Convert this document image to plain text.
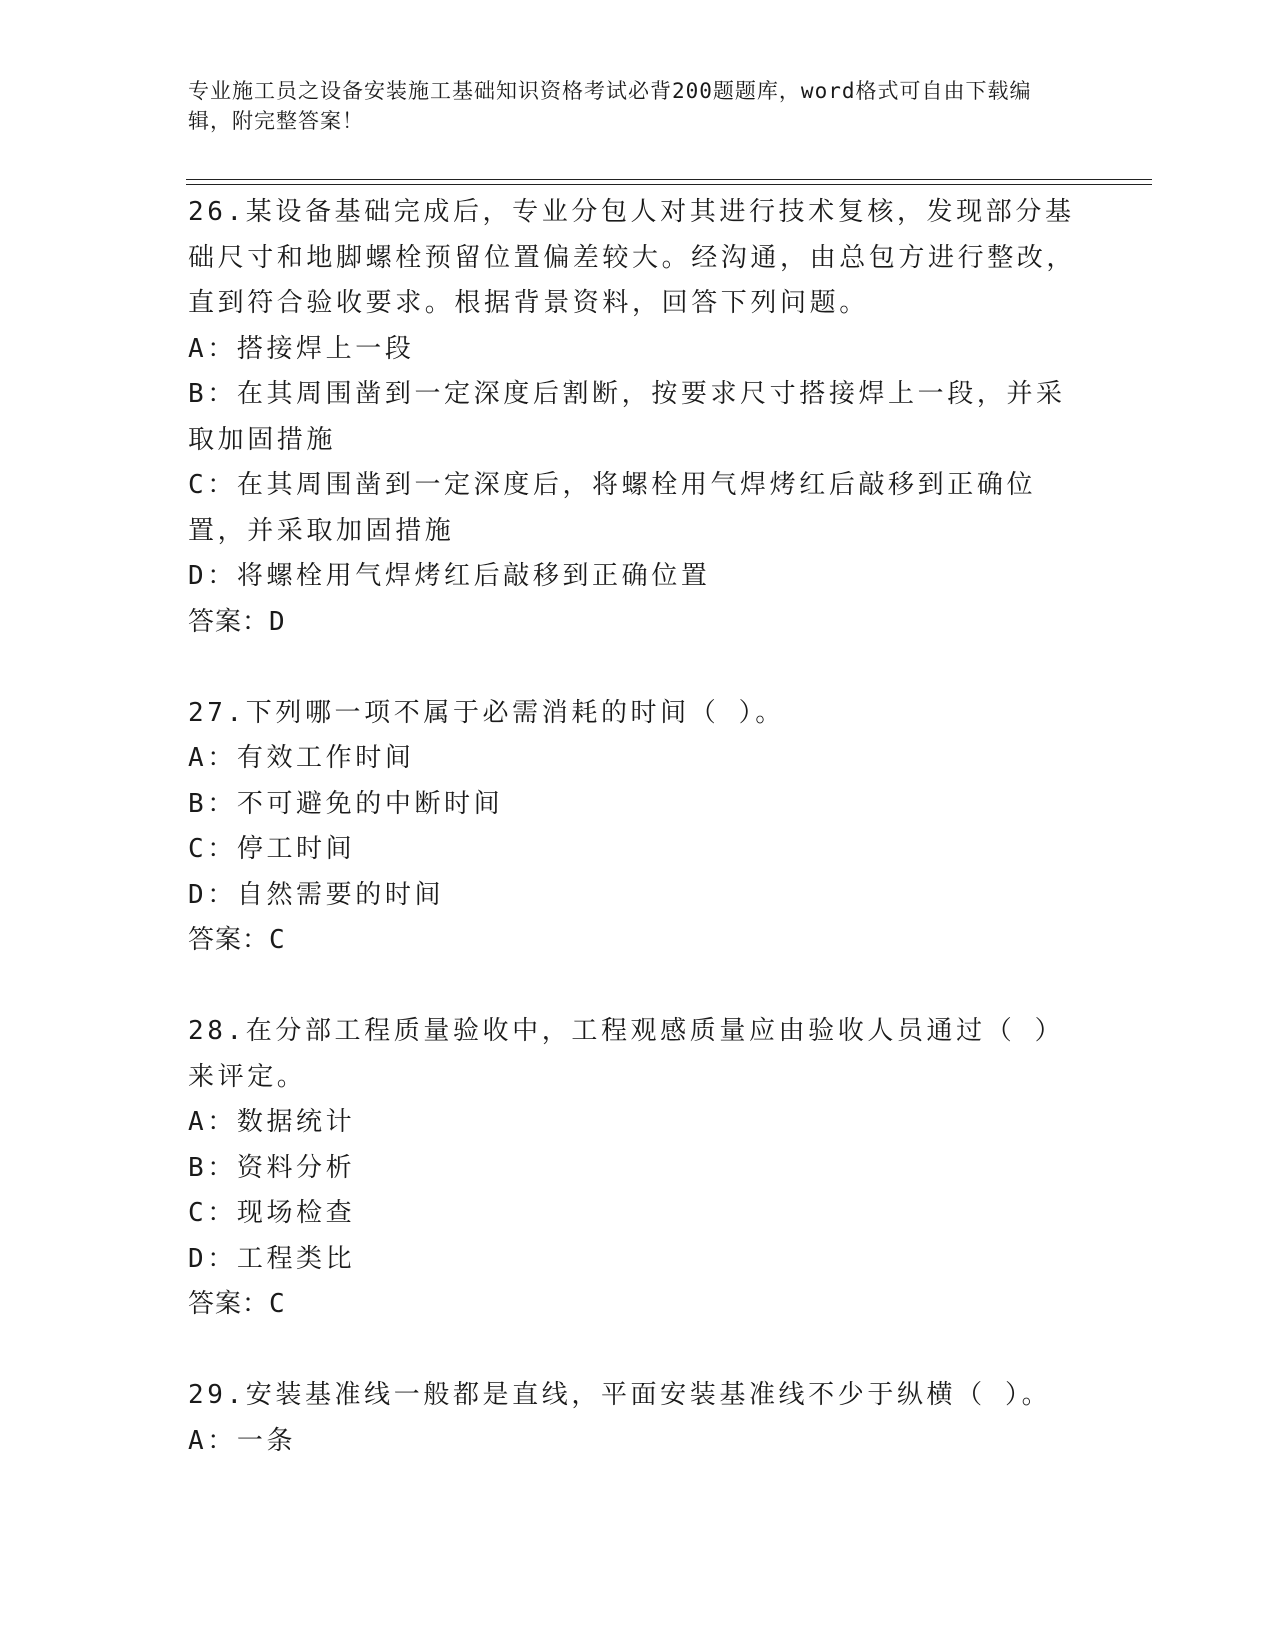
专业施工员之设备安装施工基础知识资格考试必背200题题库，word格式可自由下载编辑，附完整答案！
26.某设备基础完成后，专业分包人对其进行技术复核，发现部分基础尺寸和地脚螺栓预留位置偏差较大。经沟通，由总包方进行整改，直到符合验收要求。根据背景资料，回答下列问题。
A：搭接焊上一段
B：在其周围凿到一定深度后割断，按要求尺寸搭接焊上一段，并采取加固措施
C：在其周围凿到一定深度后，将螺栓用气焊烤红后敲移到正确位置，并采取加固措施
D：将螺栓用气焊烤红后敲移到正确位置
答案：D
27.下列哪一项不属于必需消耗的时间（ ）。
A：有效工作时间
B：不可避免的中断时间
C：停工时间
D：自然需要的时间
答案：C
28.在分部工程质量验收中，工程观感质量应由验收人员通过（ ）来评定。
A：数据统计
B：资料分析
C：现场检查
D：工程类比
答案：C
29.安装基准线一般都是直线，平面安装基准线不少于纵横（ ）。
A：一条
